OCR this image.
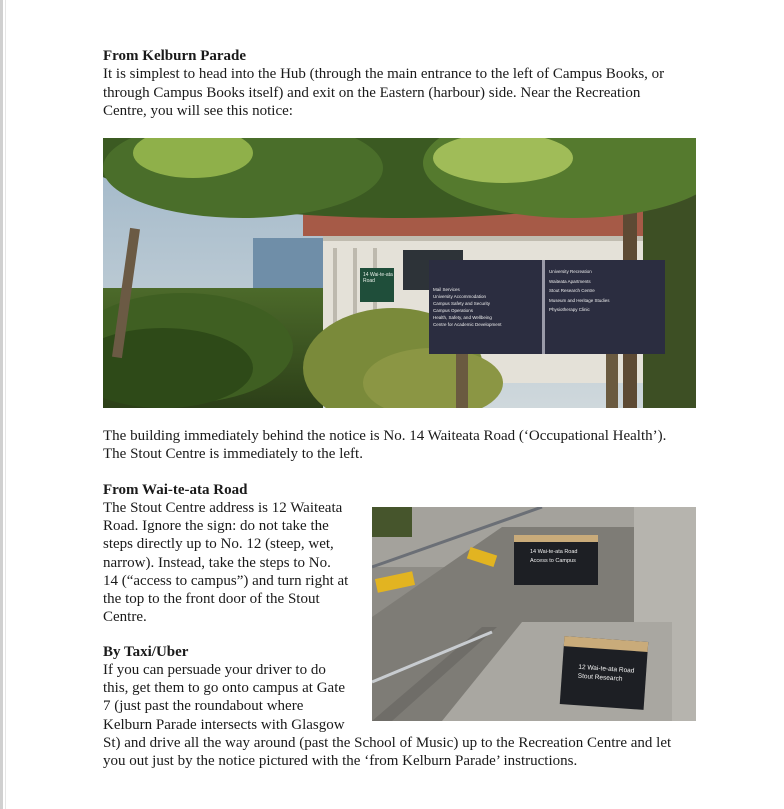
From Kelburn Parade

It is simplest to head into the Hub (through the main entrance to the left of Campus Books, or

through Campus Books itself) and exit on the Eastern (harbour) side. Near the Recreation

Centre, you will see this notice:

14 Wai-te-ata Road
Mail Services
University Accommodation
Campus Safety and Security
Campus Operations
Health, Safety, and Wellbeing
Centre for Academic Development
University Recreation
Waiteata Apartments
Stout Research Centre
Museum and Heritage Studies
Physiotherapy Clinic

The building immediately behind the notice is No. 14 Waiteata Road (‘Occupational Health’).

The Stout Centre is immediately to the left.

From Wai-te-ata Road

The Stout Centre address is 12 Waiteata

Road. Ignore the sign: do not take the

steps directly up to No. 12 (steep, wet,

narrow). Instead, take the steps to No.

14 (“access to campus”) and turn right at

the top to the front door of the Stout

Centre.

14 Wai-te-ata Road
Access to Campus
12 Wai-te-ata Road
Stout Research
By Taxi/Uber

If you can persuade your driver to do

this, get them to go onto campus at Gate

7 (just past the roundabout where

Kelburn Parade intersects with Glasgow

St) and drive all the way around (past the School of Music) up to the Recreation Centre and let

you out just by the notice pictured with the ‘from Kelburn Parade’ instructions.
